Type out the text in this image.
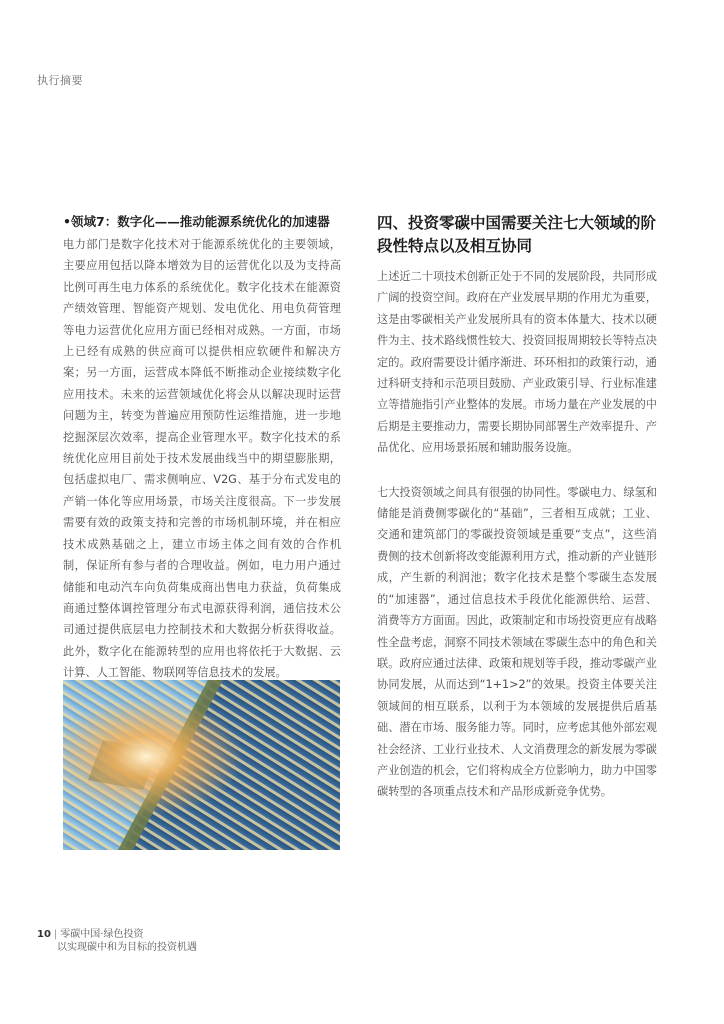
执行摘要
•领域7：数字化——推动能源系统优化的加速器

电力部门是数字化技术对于能源系统优化的主要领域，主要应用包括以降本增效为目的运营优化以及为支持高比例可再生电力体系的系统优化。数字化技术在能源资产绩效管理、智能资产规划、发电优化、用电负荷管理等电力运营优化应用方面已经相对成熟。一方面，市场上已经有成熟的供应商可以提供相应软硬件和解决方案；另一方面，运营成本降低不断推动企业接续数字化应用技术。未来的运营领域优化将会从以解决现时运营问题为主，转变为普遍应用预防性运维措施，进一步地挖掘深层次效率，提高企业管理水平。数字化技术的系统优化应用目前处于技术发展曲线当中的期望膨胀期，包括虚拟电厂、需求侧响应、V2G、基于分布式发电的产销一体化等应用场景，市场关注度很高。下一步发展需要有效的政策支持和完善的市场机制环境，并在相应技术成熟基础之上，建立市场主体之间有效的合作机制，保证所有参与者的合理收益。例如，电力用户通过储能和电动汽车向负荷集成商出售电力获益，负荷集成商通过整体调控管理分布式电源获得利润，通信技术公司通过提供底层电力控制技术和大数据分析获得收益。此外，数字化在能源转型的应用也将依托于大数据、云计算、人工智能、物联网等信息技术的发展。

四、投资零碳中国需要关注七大领域的阶段性特点以及相互协同

上述近二十项技术创新正处于不同的发展阶段，共同形成广阔的投资空间。政府在产业发展早期的作用尤为重要，这是由零碳相关产业发展所具有的资本体量大、技术以硬件为主、技术路线惯性较大、投资回报周期较长等特点决定的。政府需要设计循序渐进、环环相扣的政策行动，通过科研支持和示范项目鼓励、产业政策引导、行业标准建立等措施指引产业整体的发展。市场力量在产业发展的中后期是主要推动力，需要长期协同部署生产效率提升、产品优化、应用场景拓展和辅助服务设施。

七大投资领域之间具有很强的协同性。零碳电力、绿氢和储能是消费侧零碳化的“基础”，三者相互成就；工业、交通和建筑部门的零碳投资领域是重要“支点”，这些消费侧的技术创新将改变能源利用方式，推动新的产业链形成，产生新的利润池；数字化技术是整个零碳生态发展的“加速器”，通过信息技术手段优化能源供给、运营、消费等方方面面。因此，政策制定和市场投资更应有战略性全盘考虑，洞察不同技术领域在零碳生态中的角色和关联。政府应通过法律、政策和规划等手段，推动零碳产业协同发展，从而达到“1+1>2”的效果。投资主体要关注领域间的相互联系，以利于为本领域的发展提供后盾基础、潜在市场、服务能力等。同时，应考虑其他外部宏观社会经济、工业行业技术、人文消费理念的新发展为零碳产业创造的机会，它们将构成全方位影响力，助力中国零碳转型的各项重点技术和产品形成新竞争优势。

10 | 零碳中国·绿色投资
以实现碳中和为目标的投资机遇
